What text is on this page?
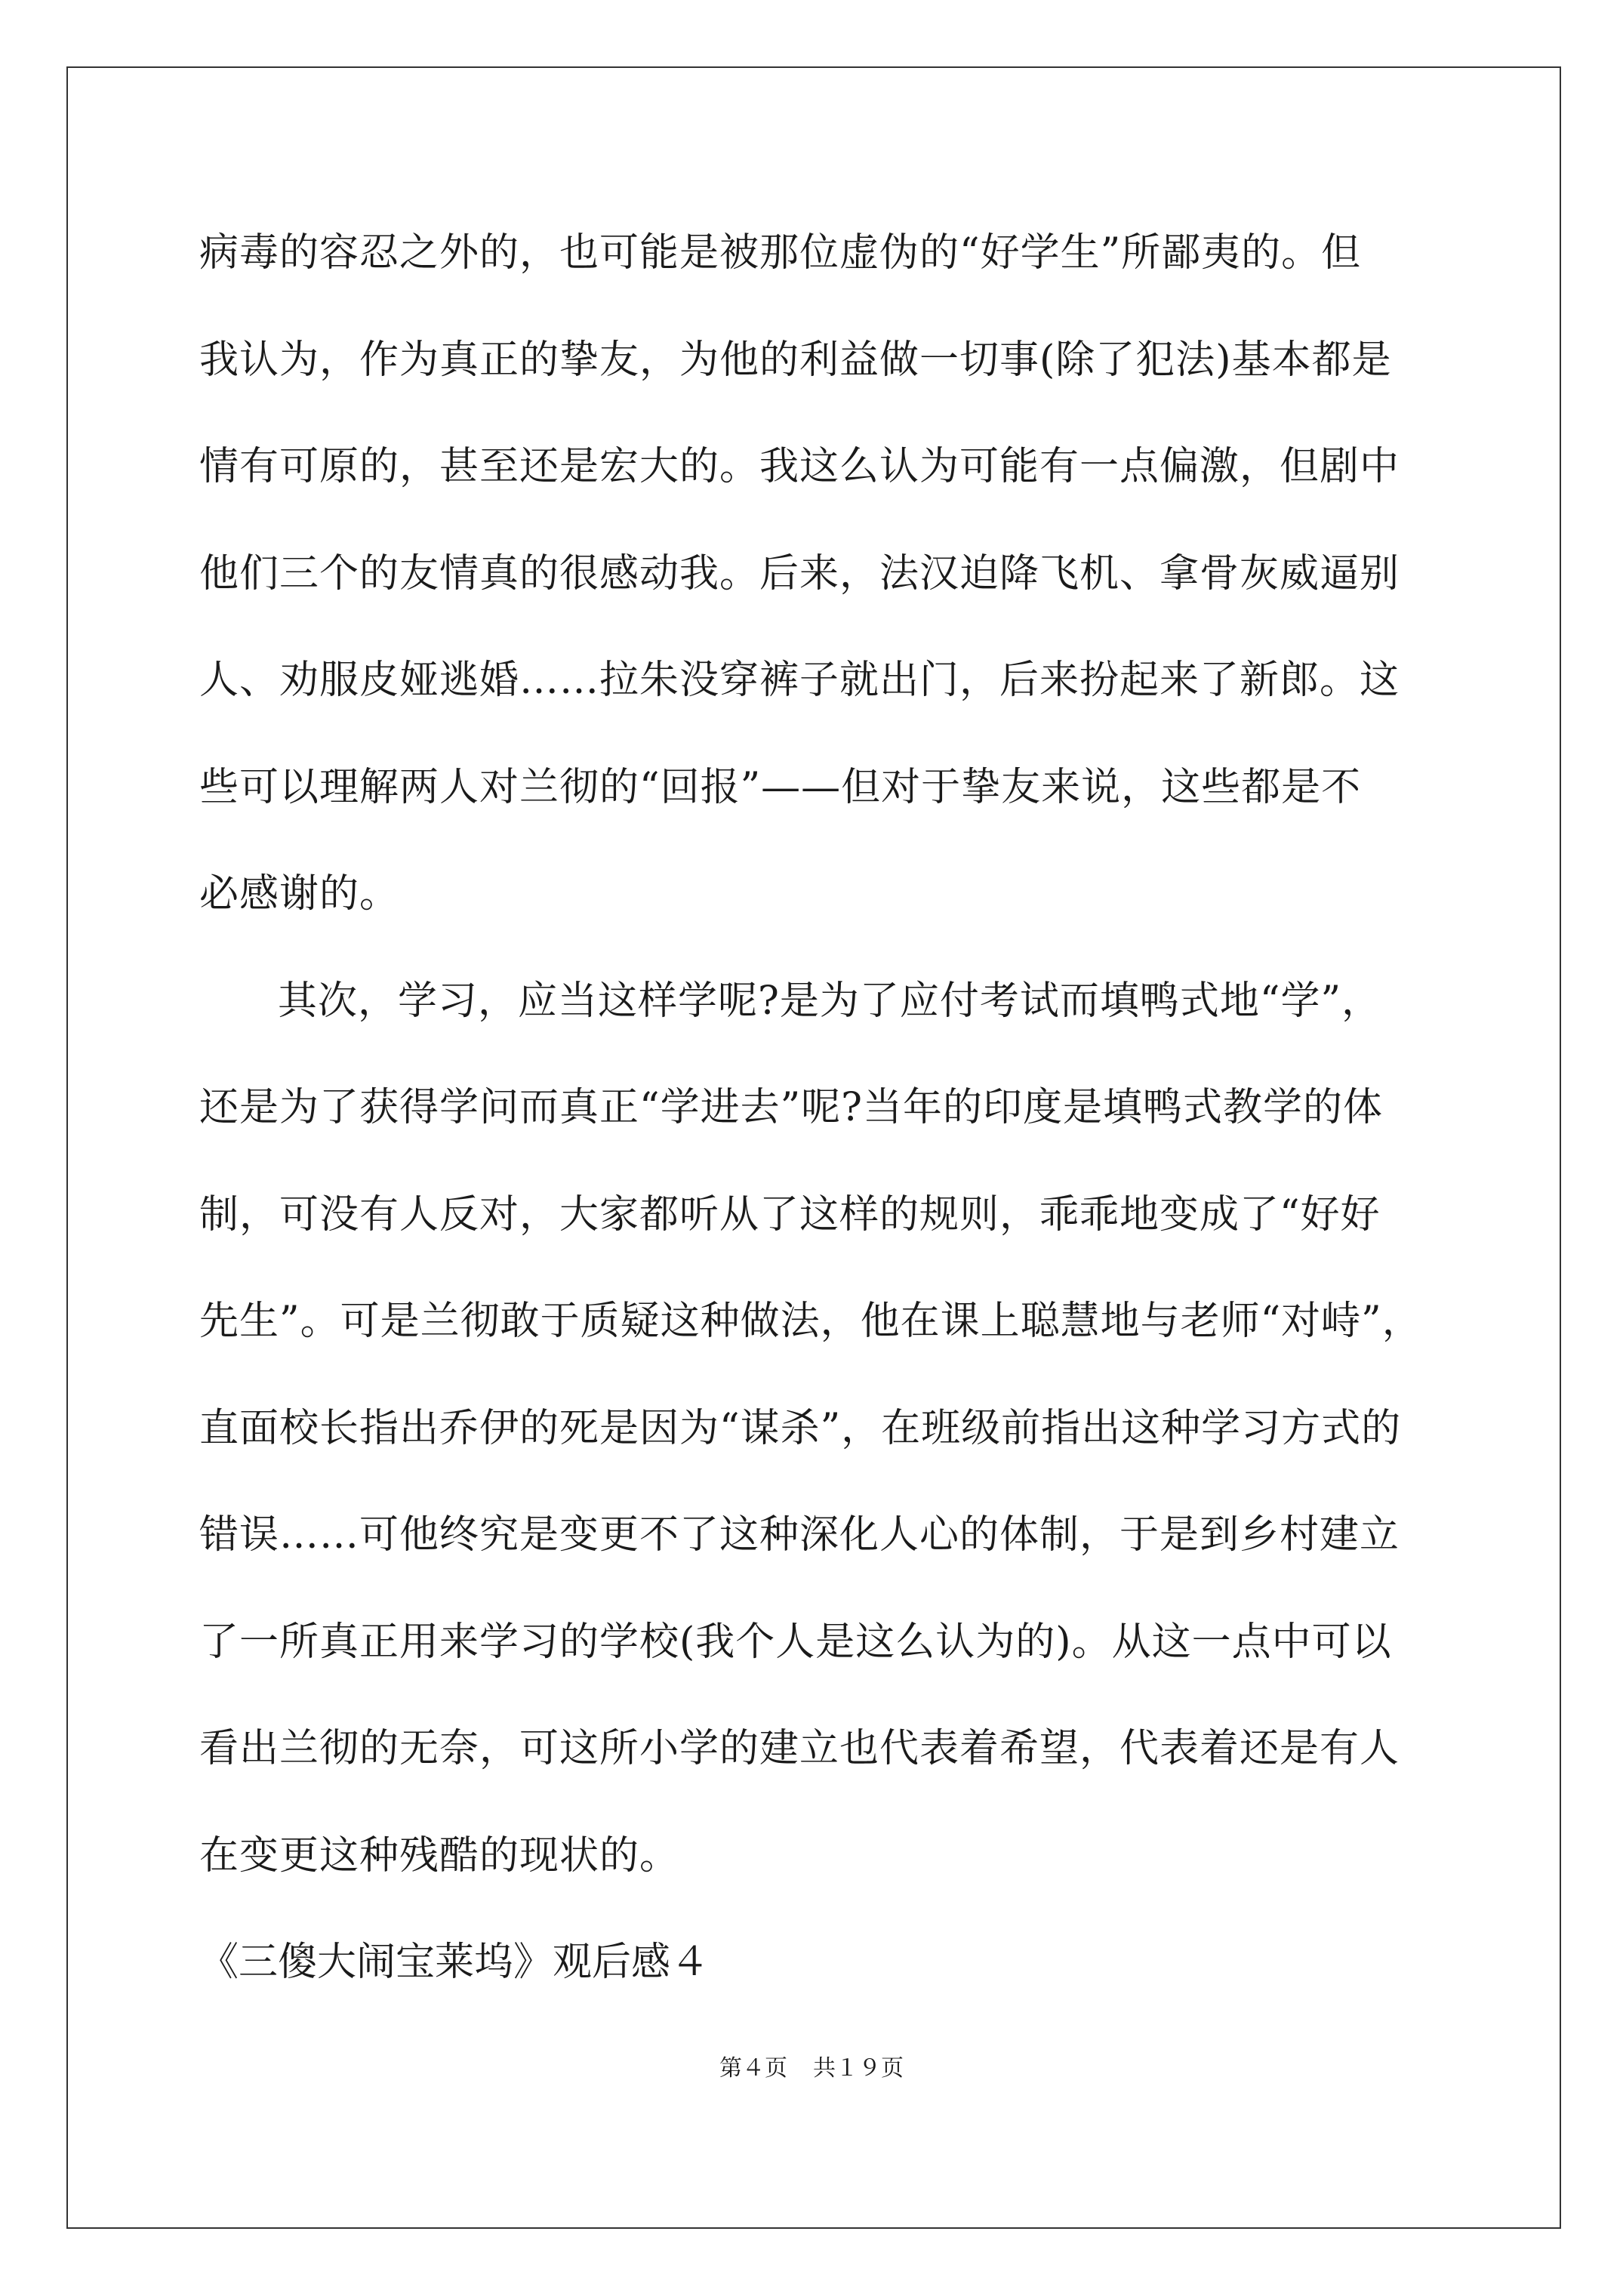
病毒的容忍之外的，也可能是被那位虚伪的“好学生”所鄙夷的。但
我认为，作为真正的挚友，为他的利益做一切事(除了犯法)基本都是
情有可原的，甚至还是宏大的。我这么认为可能有一点偏激，但剧中
他们三个的友情真的很感动我。后来，法汉迫降飞机、拿骨灰威逼别
人、劝服皮娅逃婚……拉朱没穿裤子就出门，后来扮起来了新郎。这
些可以理解两人对兰彻的“回报”——但对于挚友来说，这些都是不
必感谢的。
其次，学习，应当这样学呢?是为了应付考试而填鸭式地“学”，
还是为了获得学问而真正“学进去”呢?当年的印度是填鸭式教学的体
制，可没有人反对，大家都听从了这样的规则，乖乖地变成了“好好
先生”。可是兰彻敢于质疑这种做法，他在课上聪慧地与老师“对峙”，
直面校长指出乔伊的死是因为“谋杀”，在班级前指出这种学习方式的
错误……可他终究是变更不了这种深化人心的体制，于是到乡村建立
了一所真正用来学习的学校(我个人是这么认为的)。从这一点中可以
看出兰彻的无奈，可这所小学的建立也代表着希望，代表着还是有人
在变更这种残酷的现状的。
《三傻大闹宝莱坞》观后感４
第４页 共１９页
